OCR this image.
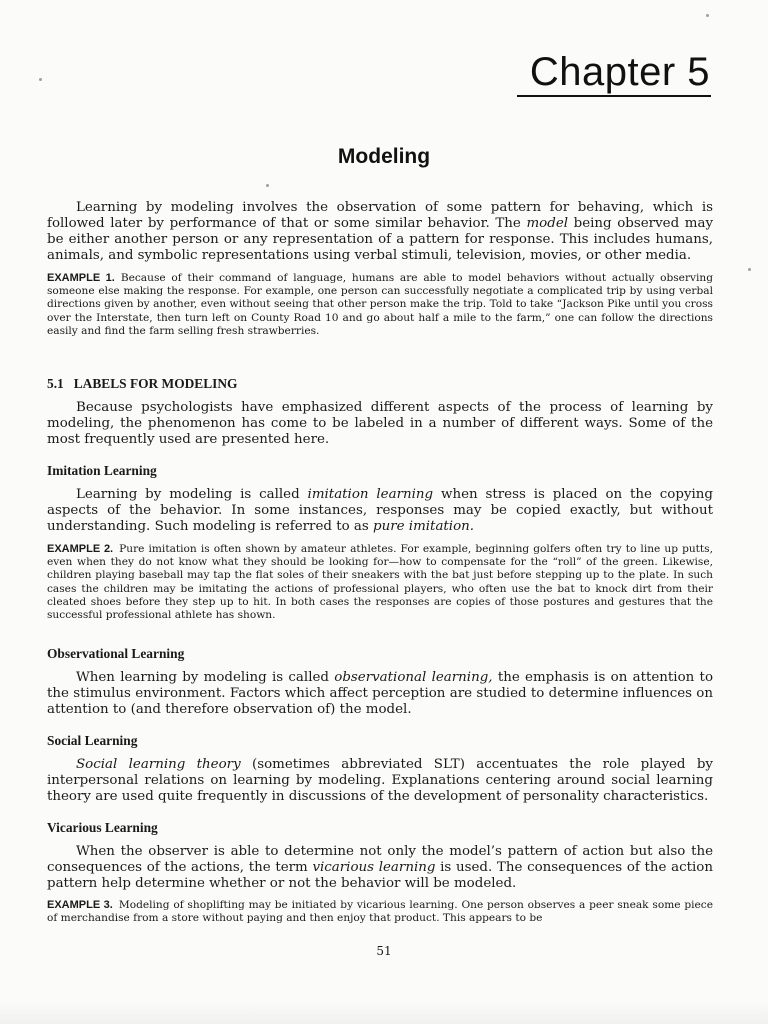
Chapter 5
Modeling

Learning by modeling involves the observation of some pattern for behaving, which is followed later by performance of that or some similar behavior. The model being observed may be either another person or any representation of a pattern for response. This includes humans, animals, and symbolic representations using verbal stimuli, television, movies, or other media.

EXAMPLE 1. Because of their command of language, humans are able to model behaviors without actually observing someone else making the response. For example, one person can successfully negotiate a complicated trip by using verbal directions given by another, even without seeing that other person make the trip. Told to take “Jackson Pike until you cross over the Interstate, then turn left on County Road 10 and go about half a mile to the farm,” one can follow the directions easily and find the farm selling fresh strawberries.

5.1 LABELS FOR MODELING

Because psychologists have emphasized different aspects of the process of learning by modeling, the phenomenon has come to be labeled in a number of different ways. Some of the most frequently used are presented here.

Imitation Learning

Learning by modeling is called imitation learning when stress is placed on the copying aspects of the behavior. In some instances, responses may be copied exactly, but without understanding. Such modeling is referred to as pure imitation.

EXAMPLE 2. Pure imitation is often shown by amateur athletes. For example, beginning golfers often try to line up putts, even when they do not know what they should be looking for—how to compensate for the “roll” of the green. Likewise, children playing baseball may tap the flat soles of their sneakers with the bat just before stepping up to the plate. In such cases the children may be imitating the actions of professional players, who often use the bat to knock dirt from their cleated shoes before they step up to hit. In both cases the responses are copies of those postures and gestures that the successful professional athlete has shown.

Observational Learning

When learning by modeling is called observational learning, the emphasis is on attention to the stimulus environment. Factors which affect perception are studied to determine influences on attention to (and therefore observation of) the model.

Social Learning

Social learning theory (sometimes abbreviated SLT) accentuates the role played by interpersonal relations on learning by modeling. Explanations centering around social learning theory are used quite frequently in discussions of the development of personality characteristics.

Vicarious Learning

When the observer is able to determine not only the model’s pattern of action but also the consequences of the actions, the term vicarious learning is used. The consequences of the action pattern help determine whether or not the behavior will be modeled.

EXAMPLE 3. Modeling of shoplifting may be initiated by vicarious learning. One person observes a peer sneak some piece of merchandise from a store without paying and then enjoy that product. This appears to be

51
